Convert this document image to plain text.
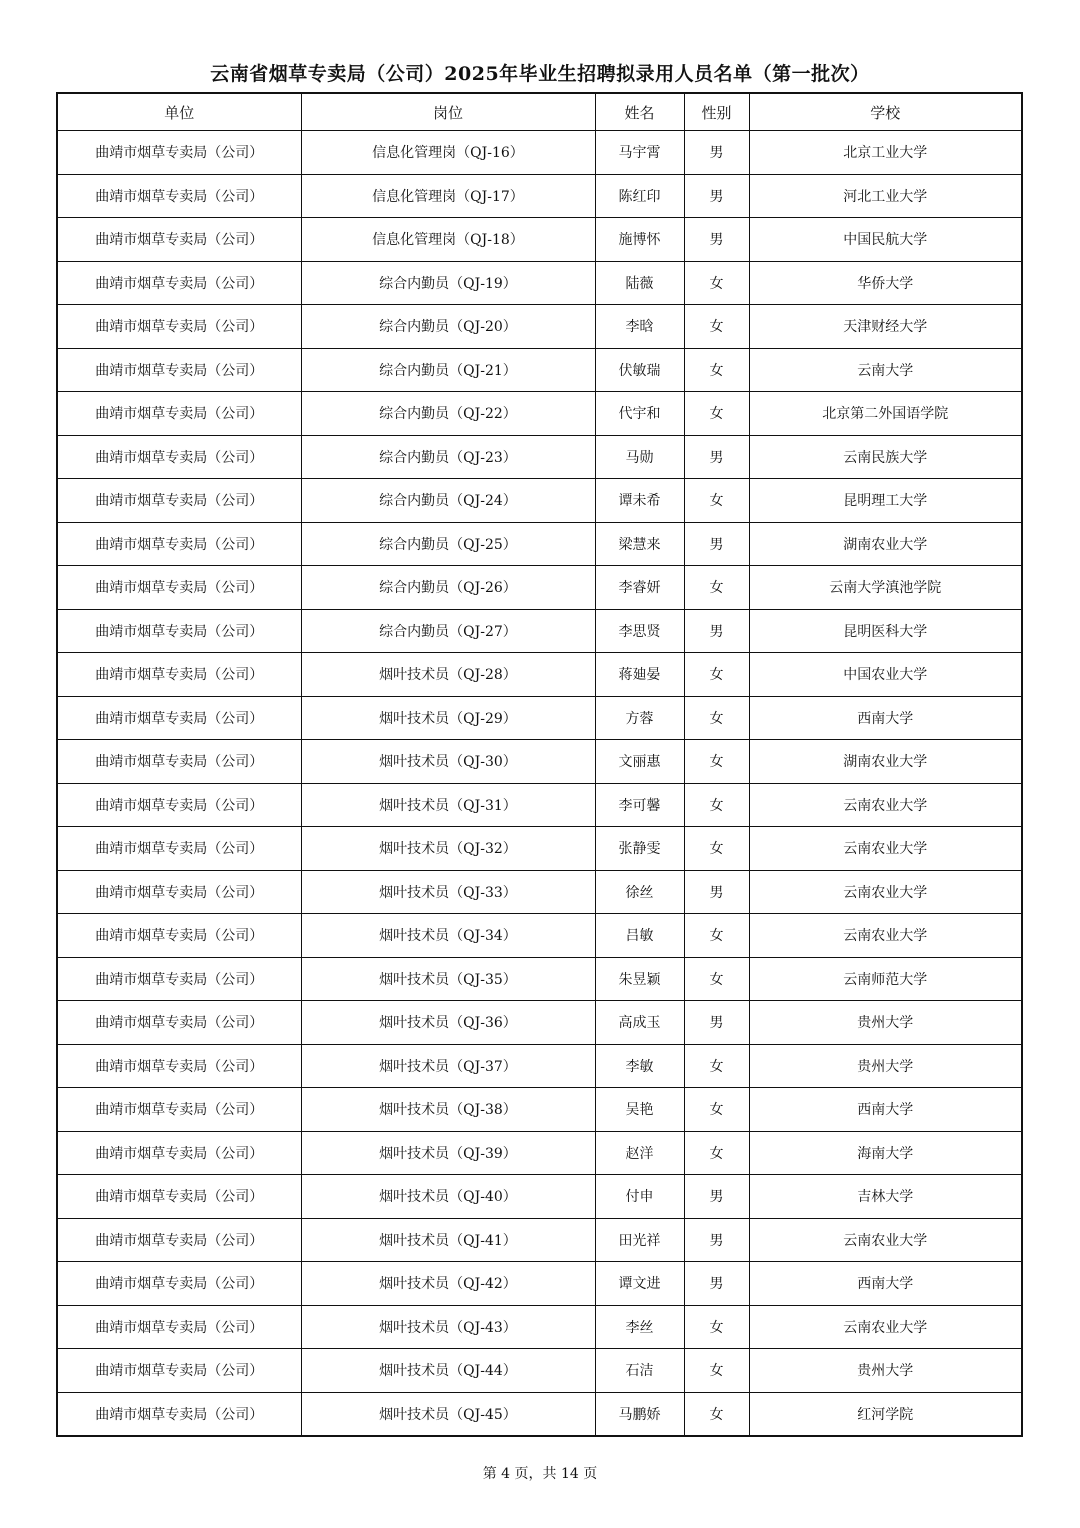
云南省烟草专卖局（公司）2025年毕业生招聘拟录用人员名单（第一批次）
单位	岗位	姓名	性别	学校
曲靖市烟草专卖局（公司）	信息化管理岗（QJ-16）	马宇霄	男	北京工业大学
曲靖市烟草专卖局（公司）	信息化管理岗（QJ-17）	陈红印	男	河北工业大学
曲靖市烟草专卖局（公司）	信息化管理岗（QJ-18）	施博怀	男	中国民航大学
曲靖市烟草专卖局（公司）	综合内勤员（QJ-19）	陆薇	女	华侨大学
曲靖市烟草专卖局（公司）	综合内勤员（QJ-20）	李晗	女	天津财经大学
曲靖市烟草专卖局（公司）	综合内勤员（QJ-21）	伏敏瑞	女	云南大学
曲靖市烟草专卖局（公司）	综合内勤员（QJ-22）	代宇和	女	北京第二外国语学院
曲靖市烟草专卖局（公司）	综合内勤员（QJ-23）	马勋	男	云南民族大学
曲靖市烟草专卖局（公司）	综合内勤员（QJ-24）	谭未希	女	昆明理工大学
曲靖市烟草专卖局（公司）	综合内勤员（QJ-25）	梁慧来	男	湖南农业大学
曲靖市烟草专卖局（公司）	综合内勤员（QJ-26）	李睿妍	女	云南大学滇池学院
曲靖市烟草专卖局（公司）	综合内勤员（QJ-27）	李思贤	男	昆明医科大学
曲靖市烟草专卖局（公司）	烟叶技术员（QJ-28）	蒋廸晏	女	中国农业大学
曲靖市烟草专卖局（公司）	烟叶技术员（QJ-29）	方蓉	女	西南大学
曲靖市烟草专卖局（公司）	烟叶技术员（QJ-30）	文丽惠	女	湖南农业大学
曲靖市烟草专卖局（公司）	烟叶技术员（QJ-31）	李可馨	女	云南农业大学
曲靖市烟草专卖局（公司）	烟叶技术员（QJ-32）	张静雯	女	云南农业大学
曲靖市烟草专卖局（公司）	烟叶技术员（QJ-33）	徐丝	男	云南农业大学
曲靖市烟草专卖局（公司）	烟叶技术员（QJ-34）	吕敏	女	云南农业大学
曲靖市烟草专卖局（公司）	烟叶技术员（QJ-35）	朱昱颖	女	云南师范大学
曲靖市烟草专卖局（公司）	烟叶技术员（QJ-36）	高成玉	男	贵州大学
曲靖市烟草专卖局（公司）	烟叶技术员（QJ-37）	李敏	女	贵州大学
曲靖市烟草专卖局（公司）	烟叶技术员（QJ-38）	吴艳	女	西南大学
曲靖市烟草专卖局（公司）	烟叶技术员（QJ-39）	赵洋	女	海南大学
曲靖市烟草专卖局（公司）	烟叶技术员（QJ-40）	付申	男	吉林大学
曲靖市烟草专卖局（公司）	烟叶技术员（QJ-41）	田光祥	男	云南农业大学
曲靖市烟草专卖局（公司）	烟叶技术员（QJ-42）	谭文进	男	西南大学
曲靖市烟草专卖局（公司）	烟叶技术员（QJ-43）	李丝	女	云南农业大学
曲靖市烟草专卖局（公司）	烟叶技术员（QJ-44）	石洁	女	贵州大学
曲靖市烟草专卖局（公司）	烟叶技术员（QJ-45）	马鹏娇	女	红河学院
第 4 页，共 14 页
